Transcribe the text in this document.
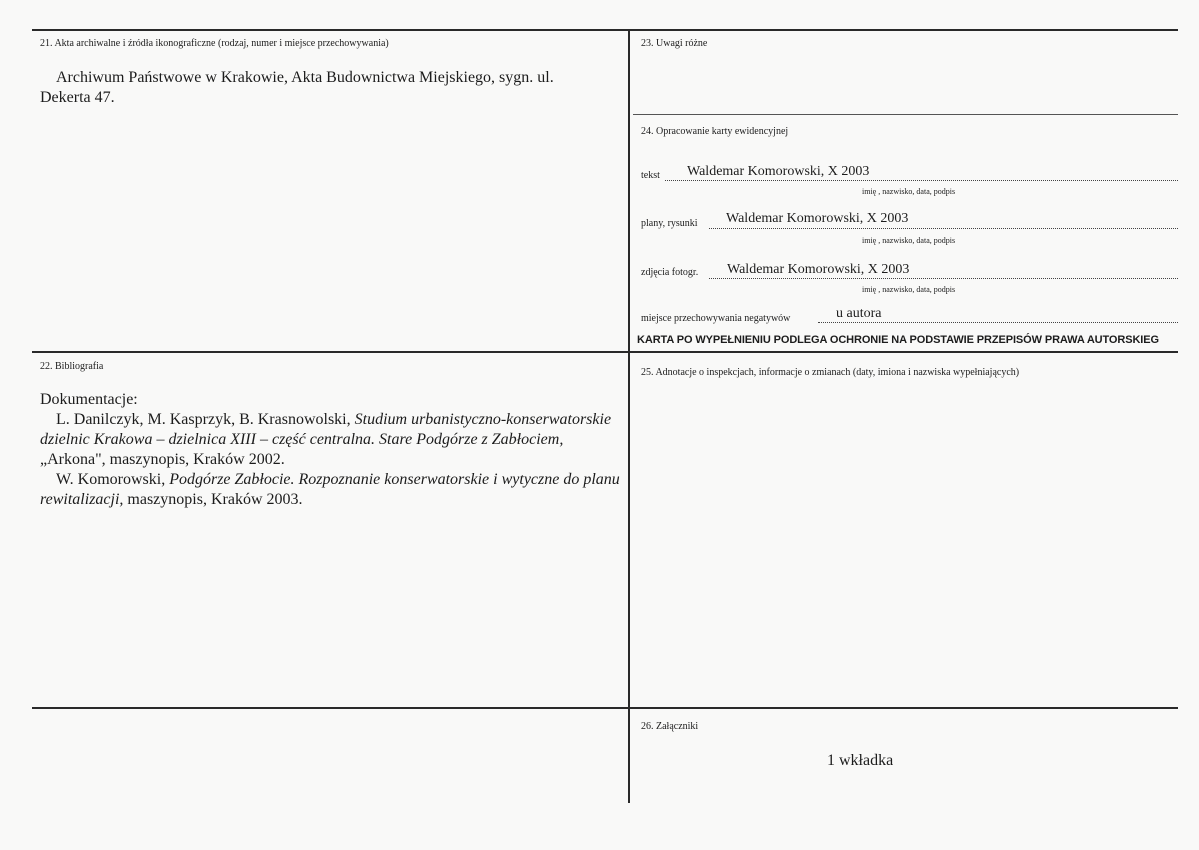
21. Akta archiwalne i źródła ikonograficzne (rodzaj, numer i miejsce przechowywania)
Archiwum Państwowe w Krakowie, Akta Budownictwa Miejskiego, sygn. ul. Dekerta 47.
22. Bibliografia

Dokumentacje:

L. Danilczyk, M. Kasprzyk, B. Krasnowolski, Studium urbanistyczno-konserwatorskie dzielnic Krakowa – dzielnica XIII – część centralna. Stare Podgórze z Zabłociem, „Arkona", maszynopis, Kraków 2002.

W. Komorowski, Podgórze Zabłocie. Rozpoznanie konserwatorskie i wytyczne do planu rewitalizacji, maszynopis, Kraków 2003.

23. Uwagi różne
24. Opracowanie karty ewidencyjnej
tekst Waldemar Komorowski, X 2003
imię , nazwisko, data, podpis
plany, rysunki Waldemar Komorowski, X 2003
imię , nazwisko, data, podpis
zdjęcia fotogr. Waldemar Komorowski, X 2003
imię , nazwisko, data, podpis
miejsce przechowywania negatywów	u autora
KARTA PO WYPEŁNIENIU PODLEGA OCHRONIE NA PODSTAWIE PRZEPISÓW PRAWA AUTORSKIEG
25. Adnotacje o inspekcjach, informacje o zmianach (daty, imiona i nazwiska wypełniających)
26. Załączniki
1 wkładka
